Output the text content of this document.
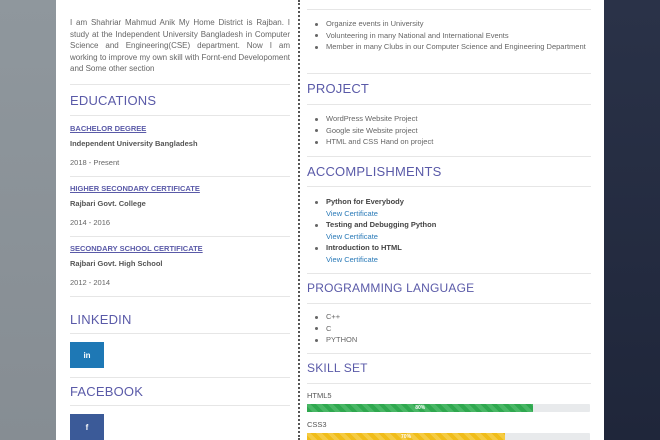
I am Shahriar Mahmud Anik My Home District is Rajban. I study at the Independent University Bangladesh in Computer Science and Engineering(CSE) department. Now I am working to improve my own skill with Fornt-end Developoment and Some other section

EDUCATIONS
BACHELOR DEGREE
Independent University Bangladesh
2018 - Present
HIGHER SECONDARY CERTIFICATE
Rajbari Govt. College
2014 - 2016
SECONDARY SCHOOL CERTIFICATE
Rajbari Govt. High School
2012 - 2014
LINKEDIN
in
FACEBOOK
f
Organize events in University
Volunteering in many National and International Events
Member in many Clubs in our Computer Science and Engineering Department
PROJECT
WordPress Website Project
Google site Website project
HTML and CSS Hand on project
ACCOMPLISHMENTS
Python for Everybody
View Certificate
Testing and Debugging Python
View Certificate
Introduction to HTML
View Certificate
PROGRAMMING LANGUAGE
C++
C
PYTHON
SKILL SET
HTML5
80%
CSS3
70%
